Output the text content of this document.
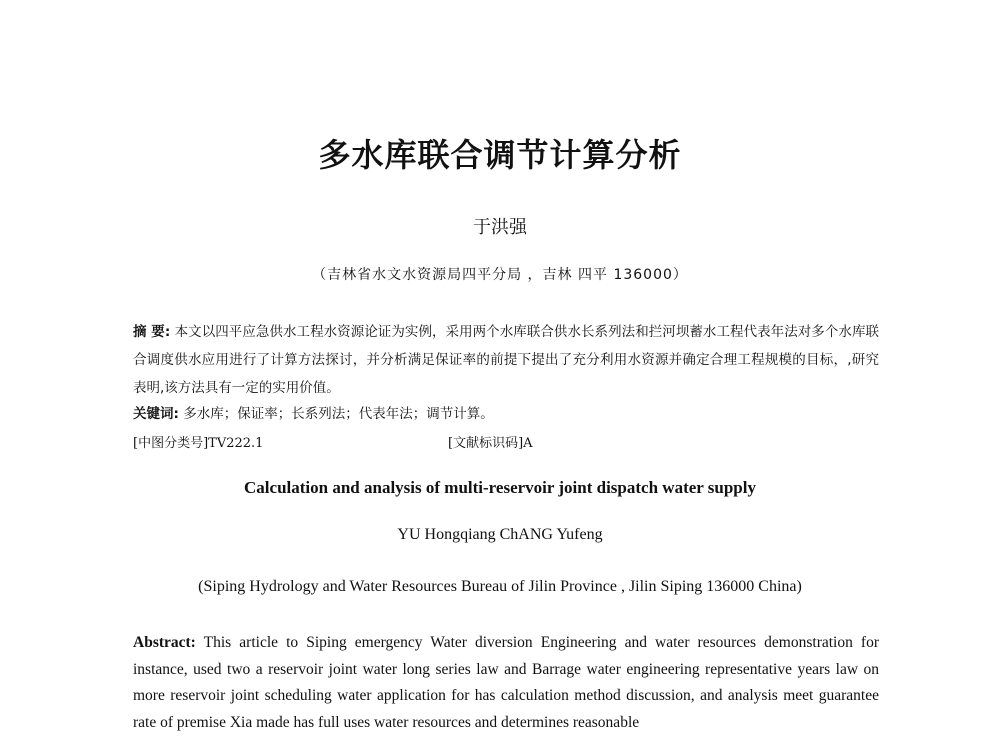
多水库联合调节计算分析
于洪强
（吉林省水文水资源局四平分局 ，吉林 四平 136000）
摘 要: 本文以四平应急供水工程水资源论证为实例，采用两个水库联合供水长系列法和拦河坝蓄水工程代表年法对多个水库联合调度供水应用进行了计算方法探讨，并分析满足保证率的前提下提出了充分利用水资源并确定合理工程规模的目标，,研究表明,该方法具有一定的实用价值。
关键词: 多水库；保证率；长系列法；代表年法；调节计算。
[中图分类号]TV222.1	[文献标识码]A
Calculation and analysis of multi-reservoir joint dispatch water supply
YU Hongqiang ChANG Yufeng
(Siping Hydrology and Water Resources Bureau of Jilin Province , Jilin Siping 136000 China)
Abstract: This article to Siping emergency Water diversion Engineering and water resources demonstration for instance, used two a reservoir joint water long series law and Barrage water engineering representative years law on more reservoir joint scheduling water application for has calculation method discussion, and analysis meet guarantee rate of premise Xia made has full uses water resources and determines reasonable
